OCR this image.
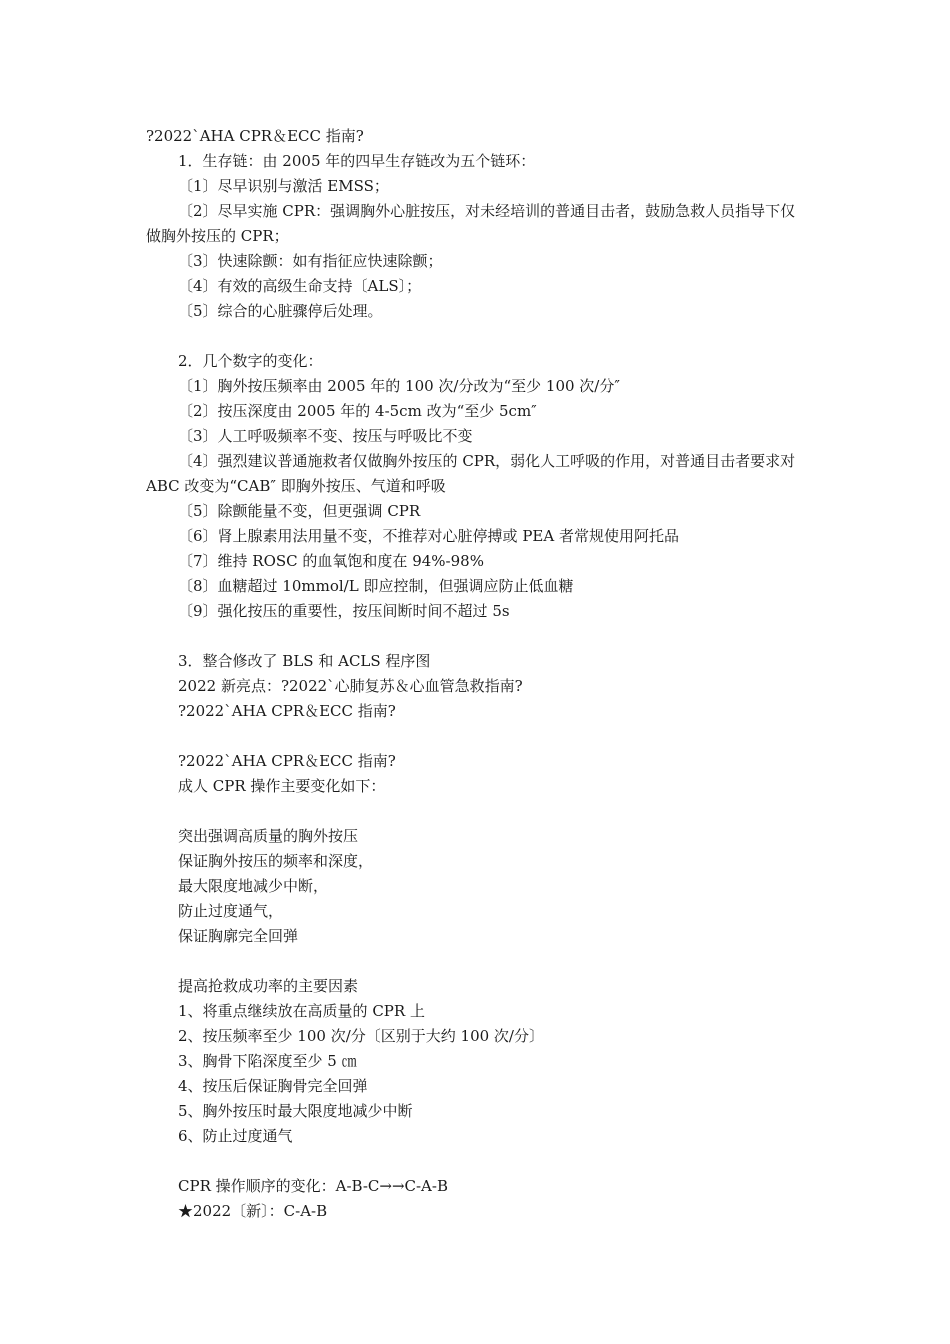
?2022`AHA CPR＆ECC 指南?
1．生存链：由 2005 年的四早生存链改为五个链环：
〔1〕尽早识别与激活 EMSS；
〔2〕尽早实施 CPR：强调胸外心脏按压，对未经培训的普通目击者，鼓励急救人员指导下仅做胸外按压的 CPR；
〔3〕快速除颤：如有指征应快速除颤；
〔4〕有效的高级生命支持〔ALS〕；
〔5〕综合的心脏骤停后处理。
2．几个数字的变化：
〔1〕胸外按压频率由 2005 年的 100 次/分改为“至少 100 次/分″
〔2〕按压深度由 2005 年的 4-5cm 改为“至少 5cm″
〔3〕人工呼吸频率不变、按压与呼吸比不变
〔4〕强烈建议普通施救者仅做胸外按压的 CPR，弱化人工呼吸的作用，对普通目击者要求对 ABC 改变为“CAB″ 即胸外按压、气道和呼吸
〔5〕除颤能量不变，但更强调 CPR
〔6〕肾上腺素用法用量不变，不推荐对心脏停搏或 PEA 者常规使用阿托品
〔7〕维持 ROSC 的血氧饱和度在 94%-98%
〔8〕血糖超过 10mmol/L 即应控制，但强调应防止低血糖
〔9〕强化按压的重要性，按压间断时间不超过 5s
3．整合修改了 BLS 和 ACLS 程序图
2022 新亮点：?2022`心肺复苏＆心血管急救指南?
?2022`AHA CPR＆ECC 指南?
?2022`AHA CPR＆ECC 指南?
成人 CPR 操作主要变化如下：
突出强调高质量的胸外按压
保证胸外按压的频率和深度，
最大限度地减少中断，
防止过度通气，
保证胸廓完全回弹
提高抢救成功率的主要因素
1、将重点继续放在高质量的 CPR 上
2、按压频率至少 100 次/分〔区别于大约 100 次/分〕
3、胸骨下陷深度至少 5 ㎝
4、按压后保证胸骨完全回弹
5、胸外按压时最大限度地减少中断
6、防止过度通气
CPR 操作顺序的变化：A-B-C→→C-A-B
★2022〔新〕：C-A-B
